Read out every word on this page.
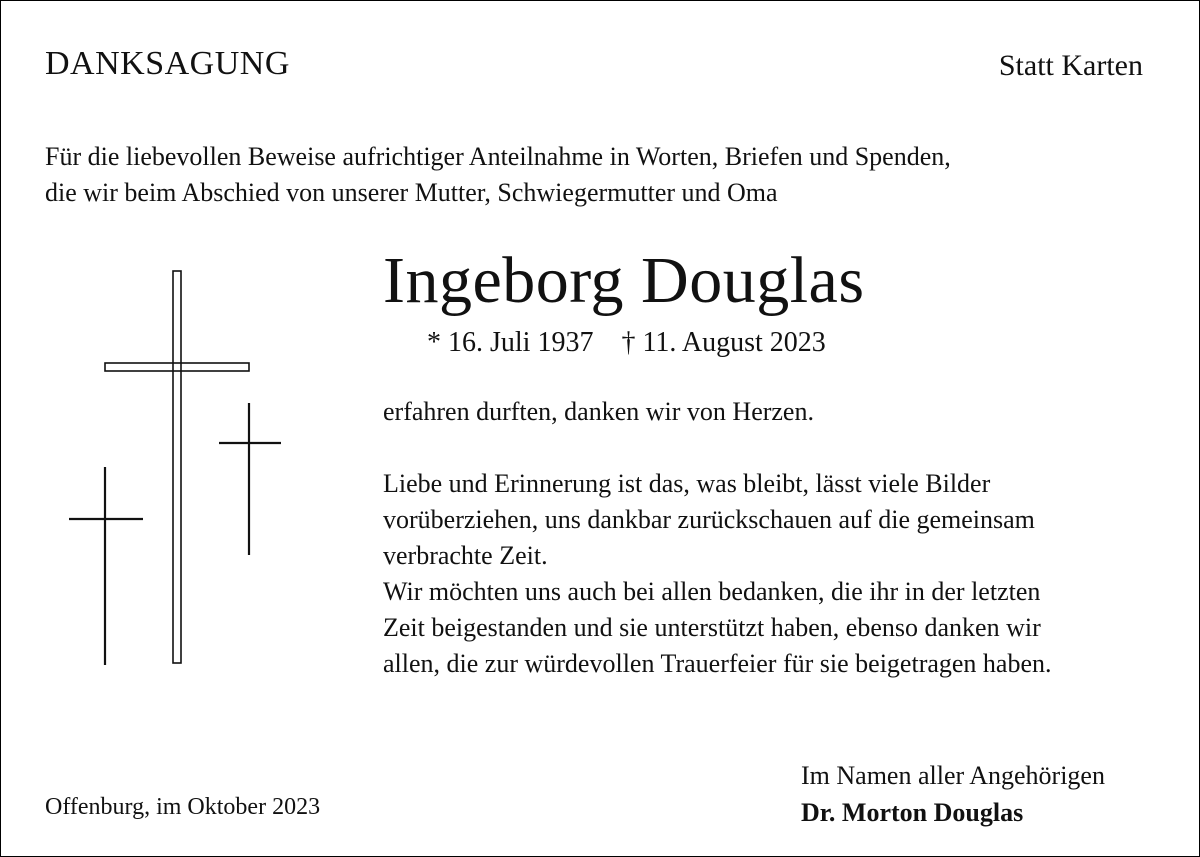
DANKSAGUNG	Statt Karten
Für die liebevollen Beweise aufrichtiger Anteilnahme in Worten, Briefen und Spenden,
die wir beim Abschied von unserer Mutter, Schwiegermutter und Oma
Ingeborg Douglas
* 16. Juli 1937 † 11. August 2023
erfahren durften, danken wir von Herzen.
Liebe und Erinnerung ist das, was bleibt, lässt viele Bilder
vorüberziehen, uns dankbar zurückschauen auf die gemeinsam
verbrachte Zeit.
Wir möchten uns auch bei allen bedanken, die ihr in der letzten
Zeit beigestanden und sie unterstützt haben, ebenso danken wir
allen, die zur würdevollen Trauerfeier für sie beigetragen haben.
Im Namen aller Angehörigen
Dr. Morton Douglas
Offenburg, im Oktober 2023
